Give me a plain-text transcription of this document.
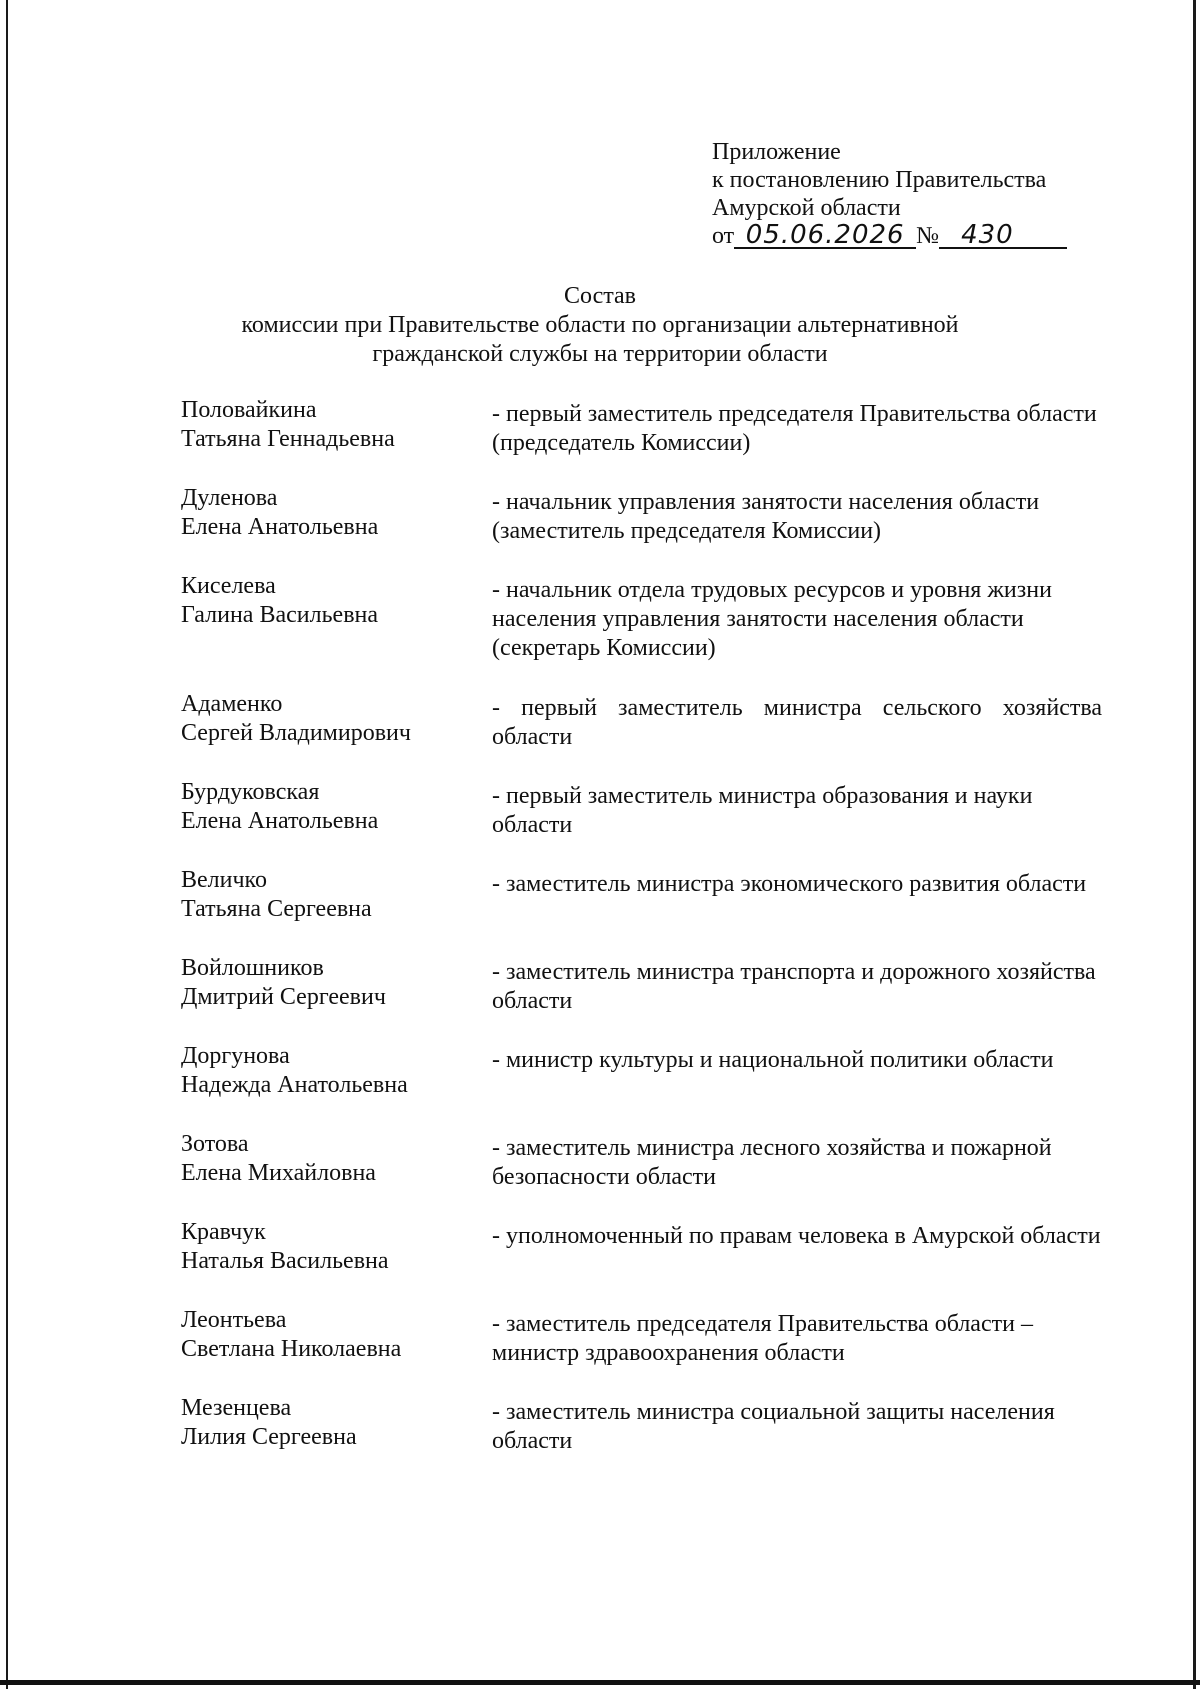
Приложение
к постановлению Правительства
Амурской области
от 05.06.2026 № 430
Состав
комиссии при Правительстве области по организации альтернативной
гражданской службы на территории области
Половайкина
Татьяна Геннадьевна
- первый заместитель председателя Правительства области (председатель Комиссии)
Дуленова
Елена Анатольевна
- начальник управления занятости населения области (заместитель председателя Комиссии)
Киселева
Галина Васильевна
- начальник отдела трудовых ресурсов и уровня жизни населения управления занятости населения области (секретарь Комиссии)
Адаменко
Сергей Владимирович
- первый заместитель министра сельского хозяйства области
Бурдуковская
Елена Анатольевна
- первый заместитель министра образования и науки области
Величко
Татьяна Сергеевна
- заместитель министра экономического развития области
Войлошников
Дмитрий Сергеевич
- заместитель министра транспорта и дорожного хозяйства области
Доргунова
Надежда Анатольевна
- министр культуры и национальной политики области
Зотова
Елена Михайловна
- заместитель министра лесного хозяйства и пожарной безопасности области
Кравчук
Наталья Васильевна
- уполномоченный по правам человека в Амурской области
Леонтьева
Светлана Николаевна
- заместитель председателя Правительства области – министр здравоохранения области
Мезенцева
Лилия Сергеевна
- заместитель министра социальной защиты населения области
